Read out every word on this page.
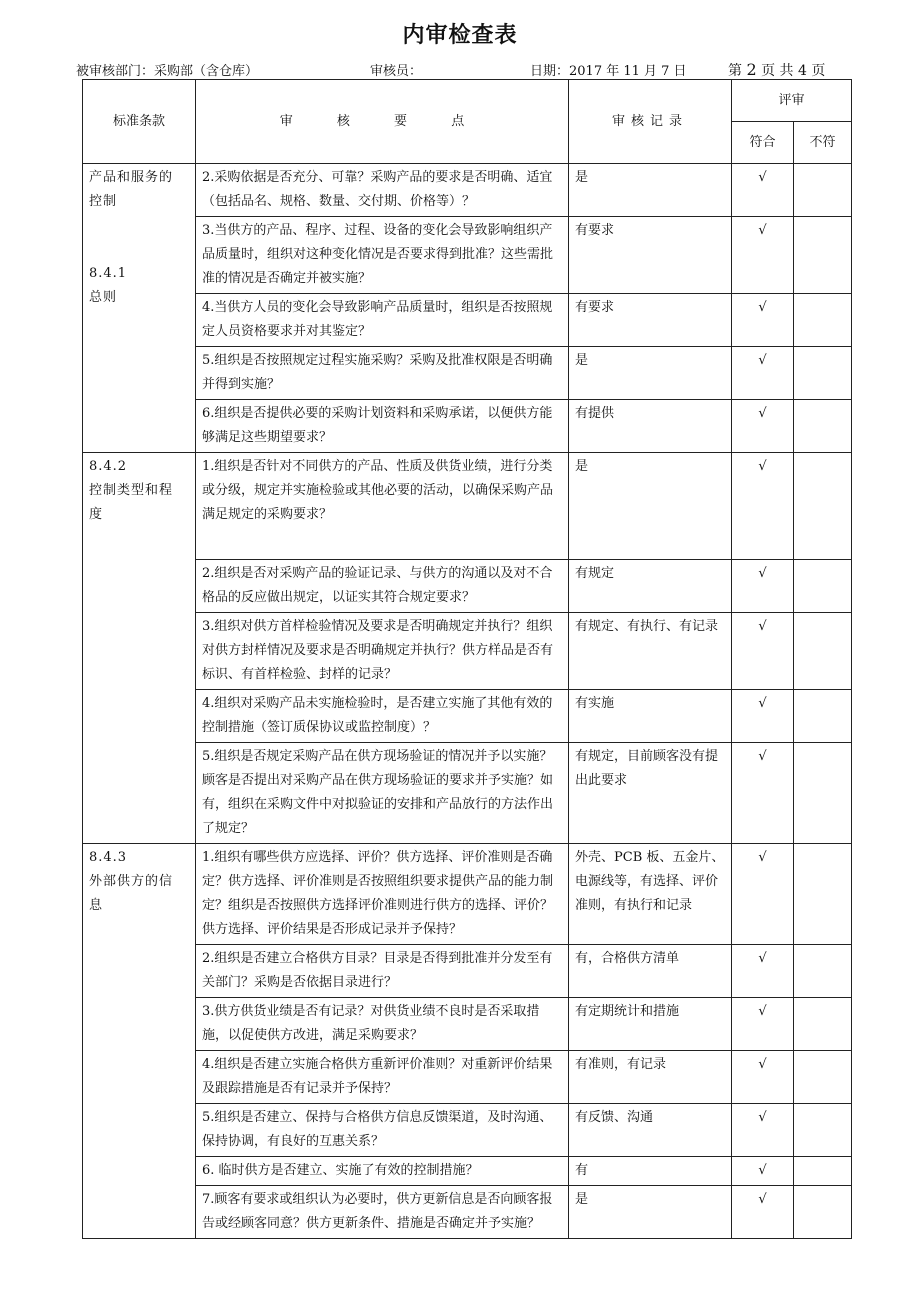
内审检查表
被审核部门：采购部（含仓库）	审核员：	日期：2017 年 11 月 7 日	第 2 页 共 4 页
标准条款	审 核 要 点	审核记录	评审	
			符合	不符

产品和服务的
控制
8.4.1
总则	2.采购依据是否充分、可靠？采购产品的要求是否明确、适宜（包括品名、规格、数量、交付期、价格等）？	是	√	

	3.当供方的产品、程序、过程、设备的变化会导致影响组织产品质量时，组织对这种变化情况是否要求得到批准？这些需批准的情况是否确定并被实施？	有要求	√	

	4.当供方人员的变化会导致影响产品质量时，组织是否按照规定人员资格要求并对其鉴定？	有要求	√	

	5.组织是否按照规定过程实施采购？采购及批准权限是否明确并得到实施？	是	√	

	6.组织是否提供必要的采购计划资料和采购承诺，以便供方能够满足这些期望要求？	有提供	√	

8.4.2
控制类型和程
度	1.组织是否针对不同供方的产品、性质及供货业绩，进行分类或分级，规定并实施检验或其他必要的活动，以确保采购产品满足规定的采购要求？	是	√	

	2.组织是否对采购产品的验证记录、与供方的沟通以及对不合格品的反应做出规定，以证实其符合规定要求？	有规定	√	

	3.组织对供方首样检验情况及要求是否明确规定并执行？组织对供方封样情况及要求是否明确规定并执行？供方样品是否有标识、有首样检验、封样的记录？	有规定、有执行、有记录	√	

	4.组织对采购产品未实施检验时，是否建立实施了其他有效的控制措施（签订质保协议或监控制度）？	有实施	√	

	5.组织是否规定采购产品在供方现场验证的情况并予以实施？顾客是否提出对采购产品在供方现场验证的要求并予实施？如有，组织在采购文件中对拟验证的安排和产品放行的方法作出了规定？	有规定，目前顾客没有提出此要求	√	

8.4.3
外部供方的信
息	1.组织有哪些供方应选择、评价？供方选择、评价准则是否确定？供方选择、评价准则是否按照组织要求提供产品的能力制定？组织是否按照供方选择评价准则进行供方的选择、评价？供方选择、评价结果是否形成记录并予保持？	外壳、PCB 板、五金片、电源线等，有选择、评价准则，有执行和记录	√	

	2.组织是否建立合格供方目录？目录是否得到批准并分发至有关部门？采购是否依据目录进行？	有，合格供方清单	√	

	3.供方供货业绩是否有记录？对供货业绩不良时是否采取措施，以促使供方改进，满足采购要求？	有定期统计和措施	√	

	4.组织是否建立实施合格供方重新评价准则？对重新评价结果及跟踪措施是否有记录并予保持？	有准则，有记录	√	

	5.组织是否建立、保持与合格供方信息反馈渠道，及时沟通、保持协调，有良好的互惠关系？	有反馈、沟通	√	

	6. 临时供方是否建立、实施了有效的控制措施？	有	√	

	7.顾客有要求或组织认为必要时，供方更新信息是否向顾客报告或经顾客同意？供方更新条件、措施是否确定并予实施？	是	√	
